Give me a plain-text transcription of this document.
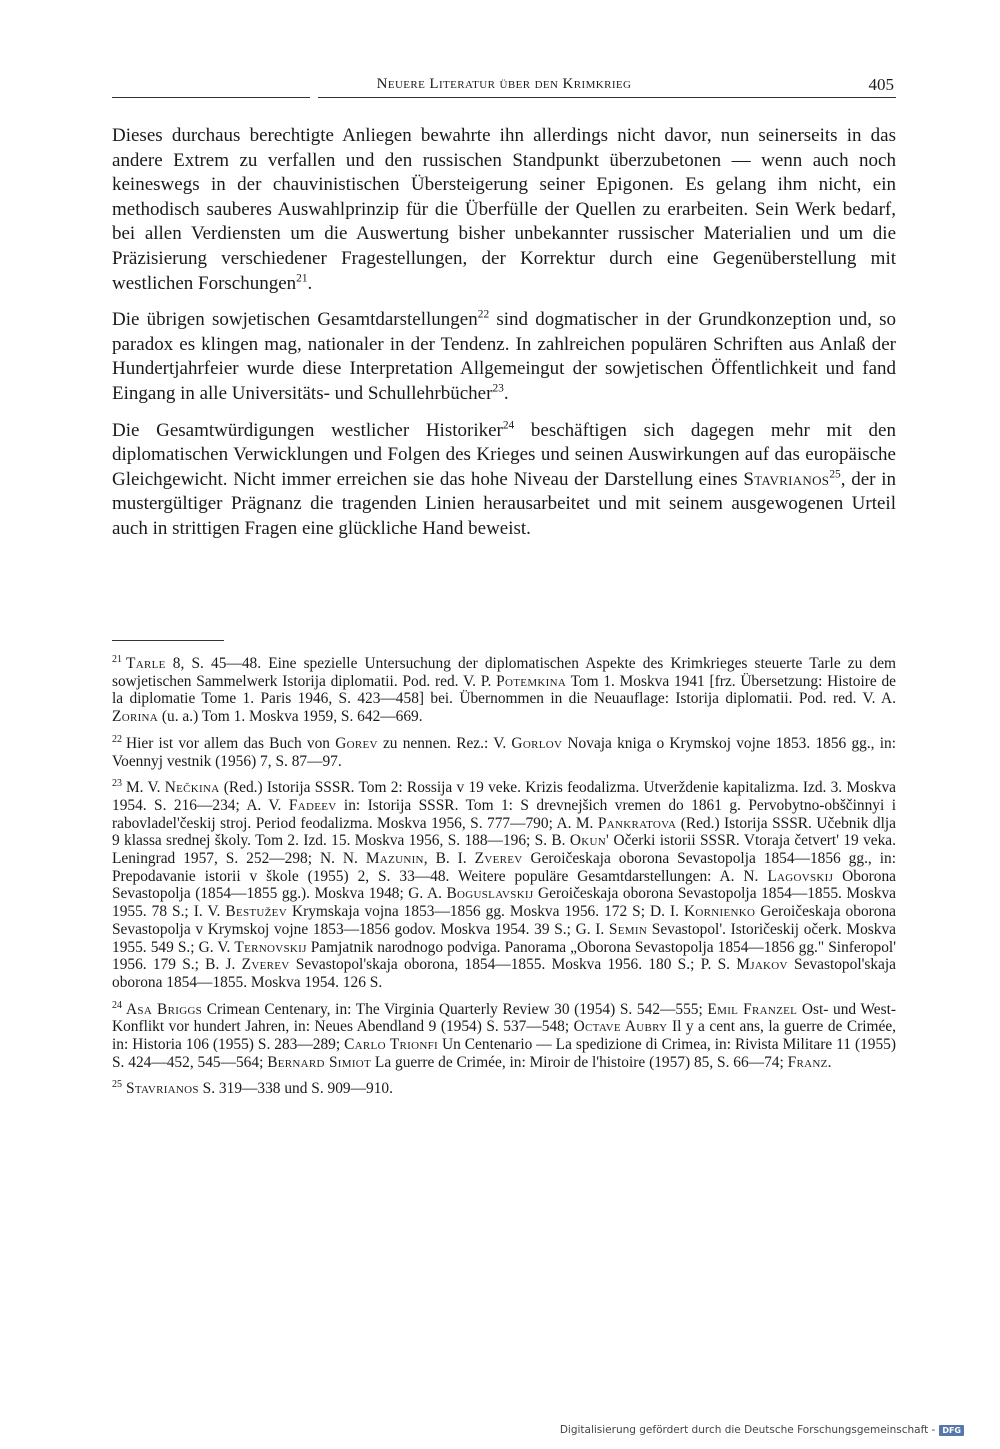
Neuere Literatur über den Krimkrieg	405

Dieses durchaus berechtigte Anliegen bewahrte ihn allerdings nicht davor, nun seinerseits in das andere Extrem zu verfallen und den russischen Standpunkt überzubetonen — wenn auch noch keineswegs in der chauvinistischen Übersteigerung seiner Epigonen. Es gelang ihm nicht, ein methodisch sauberes Auswahlprinzip für die Überfülle der Quellen zu erarbeiten. Sein Werk bedarf, bei allen Verdiensten um die Auswertung bisher unbekannter russischer Materialien und um die Präzisierung verschiedener Fragestellungen, der Korrektur durch eine Gegenüberstellung mit westlichen Forschungen$^{21}$.

Die übrigen sowjetischen Gesamtdarstellungen$^{22}$ sind dogmatischer in der Grundkonzeption und, so paradox es klingen mag, nationaler in der Tendenz. In zahlreichen populären Schriften aus Anlaß der Hundertjahrfeier wurde diese Interpretation Allgemeingut der sowjetischen Öffentlichkeit und fand Eingang in alle Universitäts- und Schullehrbücher$^{23}$.

Die Gesamtwürdigungen westlicher Historiker$^{24}$ beschäftigen sich dagegen mehr mit den diplomatischen Verwicklungen und Folgen des Krieges und seinen Auswirkungen auf das europäische Gleichgewicht. Nicht immer erreichen sie das hohe Niveau der Darstellung eines Stavrianos$^{25}$, der in mustergültiger Prägnanz die tragenden Linien herausarbeitet und mit seinem ausgewogenen Urteil auch in strittigen Fragen eine glückliche Hand beweist.

$^{21}$ Tarle 8, S. 45—48. Eine spezielle Untersuchung der diplomatischen Aspekte des Krimkrieges steuerte Tarle zu dem sowjetischen Sammelwerk Istorija diplomatii. Pod. red. V. P. Potemkina Tom 1. Moskva 1941 [frz. Übersetzung: Histoire de la diplomatie Tome 1. Paris 1946, S. 423—458] bei. Übernommen in die Neuauflage: Istorija diplomatii. Pod. red. V. A. Zorina (u. a.) Tom 1. Moskva 1959, S. 642—669.
$^{22}$ Hier ist vor allem das Buch von Gorev zu nennen. Rez.: V. Gorlov Novaja kniga o Krymskoj vojne 1853. 1856 gg., in: Voennyj vestnik (1956) 7, S. 87—97.
$^{23}$ M. V. Nečkina (Red.) Istorija SSSR. Tom 2: Rossija v 19 veke. Krizis feodalizma. Utverždenie kapitalizma. Izd. 3. Moskva 1954. S. 216—234; A. V. Fadeev in: Istorija SSSR. Tom 1: S drevnejšich vremen do 1861 g. Pervobytno-obščinnyi i rabovladel'českij stroj. Period feodalizma. Moskva 1956, S. 777—790; A. M. Pankratova (Red.) Istorija SSSR. Učebnik dlja 9 klassa srednej školy. Tom 2. Izd. 15. Moskva 1956, S. 188—196; S. B. Okun' Očerki istorii SSSR. Vtoraja četvert' 19 veka. Leningrad 1957, S. 252—298; N. N. Mazunin, B. I. Zverev Geroičeskaja oborona Sevastopolja 1854—1856 gg., in: Prepodavanie istorii v škole (1955) 2, S. 33—48. Weitere populäre Gesamtdarstellungen: A. N. Lagovskij Oborona Sevastopolja (1854—1855 gg.). Moskva 1948; G. A. Boguslavskij Geroičeskaja oborona Sevastopolja 1854—1855. Moskva 1955. 78 S.; I. V. Bestužev Krymskaja vojna 1853—1856 gg. Moskva 1956. 172 S; D. I. Kornienko Geroičeskaja oborona Sevastopolja v Krymskoj vojne 1853—1856 godov. Moskva 1954. 39 S.; G. I. Semin Sevastopol'. Istoričeskij očerk. Moskva 1955. 549 S.; G. V. Ternovskij Pamjatnik narodnogo podviga. Panorama „Oborona Sevastopolja 1854—1856 gg." Sinferopol' 1956. 179 S.; B. J. Zverev Sevastopol'skaja oborona, 1854—1855. Moskva 1956. 180 S.; P. S. Mjakov Sevastopol'skaja oborona 1854—1855. Moskva 1954. 126 S.
$^{24}$ Asa Briggs Crimean Centenary, in: The Virginia Quarterly Review 30 (1954) S. 542—555; Emil Franzel Ost- und West-Konflikt vor hundert Jahren, in: Neues Abendland 9 (1954) S. 537—548; Octave Aubry Il y a cent ans, la guerre de Crimée, in: Historia 106 (1955) S. 283—289; Carlo Trionfi Un Centenario — La spedizione di Crimea, in: Rivista Militare 11 (1955) S. 424—452, 545—564; Bernard Simiot La guerre de Crimée, in: Miroir de l'histoire (1957) 85, S. 66—74; Franz.
$^{25}$ Stavrianos S. 319—338 und S. 909—910.
Digitalisierung gefördert durch die Deutsche Forschungsgemeinschaft - DFG
